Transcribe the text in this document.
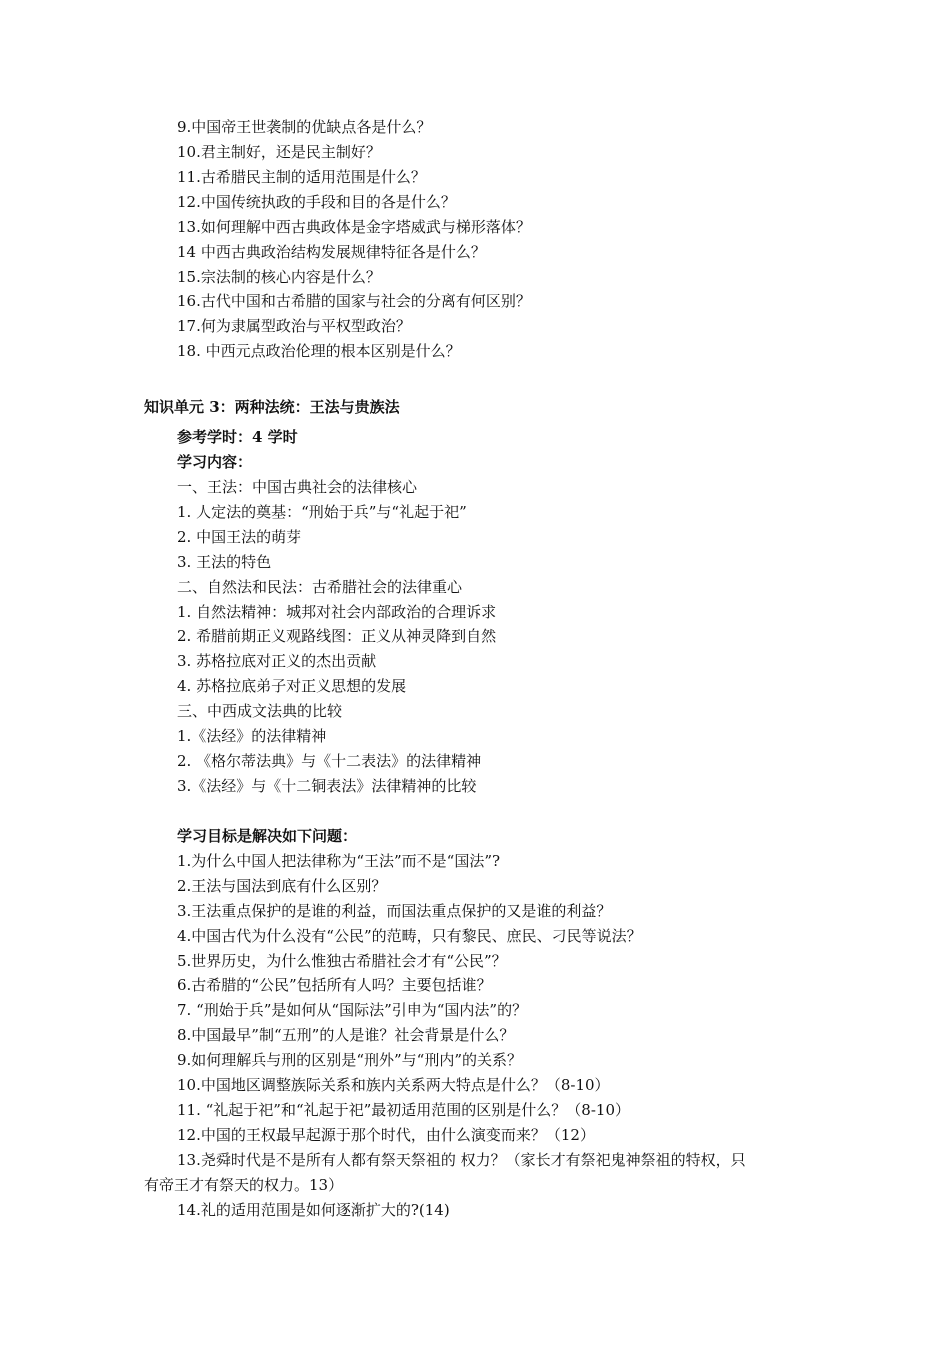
9.中国帝王世袭制的优缺点各是什么？
10.君主制好，还是民主制好？
11.古希腊民主制的适用范围是什么？
12.中国传统执政的手段和目的各是什么？
13.如何理解中西古典政体是金字塔威武与梯形落体？
14 中西古典政治结构发展规律特征各是什么？
15.宗法制的核心内容是什么？
16.古代中国和古希腊的国家与社会的分离有何区别？
17.何为隶属型政治与平权型政治？
18. 中西元点政治伦理的根本区别是什么？
知识单元 3：两种法统：王法与贵族法
参考学时：4 学时
学习内容：
一、王法：中国古典社会的法律核心
1. 人定法的奠基：“刑始于兵”与“礼起于祀”
2. 中国王法的萌芽
3. 王法的特色
二、自然法和民法：古希腊社会的法律重心
1. 自然法精神：城邦对社会内部政治的合理诉求
2. 希腊前期正义观路线图：正义从神灵降到自然
3. 苏格拉底对正义的杰出贡献
4. 苏格拉底弟子对正义思想的发展
三、中西成文法典的比较
1.《法经》的法律精神
2. 《格尔蒂法典》与《十二表法》的法律精神
3.《法经》与《十二铜表法》法律精神的比较
学习目标是解决如下问题：
1.为什么中国人把法律称为“王法”而不是“国法”?
2.王法与国法到底有什么区别？
3.王法重点保护的是谁的利益，而国法重点保护的又是谁的利益？
4.中国古代为什么没有“公民”的范畴，只有黎民、庶民、刁民等说法？
5.世界历史，为什么惟独古希腊社会才有“公民”？
6.古希腊的“公民”包括所有人吗？主要包括谁？
7. “刑始于兵”是如何从“国际法”引申为“国内法”的？
8.中国最早”制“五刑”的人是谁？社会背景是什么？
9.如何理解兵与刑的区别是“刑外”与“刑内”的关系？
10.中国地区调整族际关系和族内关系两大特点是什么？（8-10）
11. “礼起于祀”和“礼起于祀”最初适用范围的区别是什么？（8-10）
12.中国的王权最早起源于那个时代，由什么演变而来？（12）
13.尧舜时代是不是所有人都有祭天祭祖的 权力？（家长才有祭祀鬼神祭祖的特权，只
有帝王才有祭天的权力。13）
14.礼的适用范围是如何逐渐扩大的?(14)
